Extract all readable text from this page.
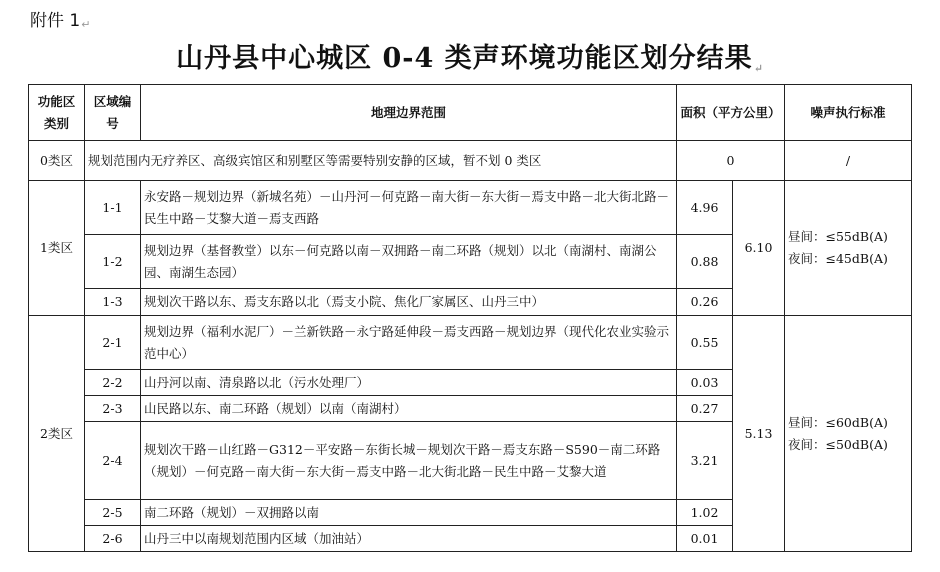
附件 1↵
山丹县中心城区 0-4 类声环境功能区划分结果↵
功能区类别	区域编号	地理边界范围	面积（平方公里）		噪声执行标准
0类区	规划范围内无疗养区、高级宾馆区和别墅区等需要特别安静的区域，暂不划 0 类区		0		/
1类区	1-1	永安路－规划边界（新城名苑）－山丹河－何克路－南大街－东大街－焉支中路－北大街北路－民生中路－艾黎大道－焉支西路	4.96	6.10	昼间：≤55dB(A)
夜间：≤45dB(A)

	1-2	规划边界（基督教堂）以东－何克路以南－双拥路－南二环路（规划）以北（南湖村、南湖公园、南湖生态园）	0.88		
	1-3	规划次干路以东、焉支东路以北（焉支小院、焦化厂家属区、山丹三中）	0.26		
2类区	2-1	规划边界（福利水泥厂）－兰新铁路－永宁路延伸段－焉支西路－规划边界（现代化农业实验示范中心）	0.55	5.13	昼间：≤60dB(A)
夜间：≤50dB(A)

	2-2	山丹河以南、清泉路以北（污水处理厂）	0.03		
	2-3	山民路以东、南二环路（规划）以南（南湖村）	0.27		
	2-4	规划次干路－山红路－G312－平安路－东街长城－规划次干路－焉支东路－S590－南二环路（规划）－何克路－南大街－东大街－焉支中路－北大街北路－民生中路－艾黎大道	3.21		
	2-5	南二环路（规划）－双拥路以南	1.02		
	2-6	山丹三中以南规划范围内区域（加油站）	0.01		
